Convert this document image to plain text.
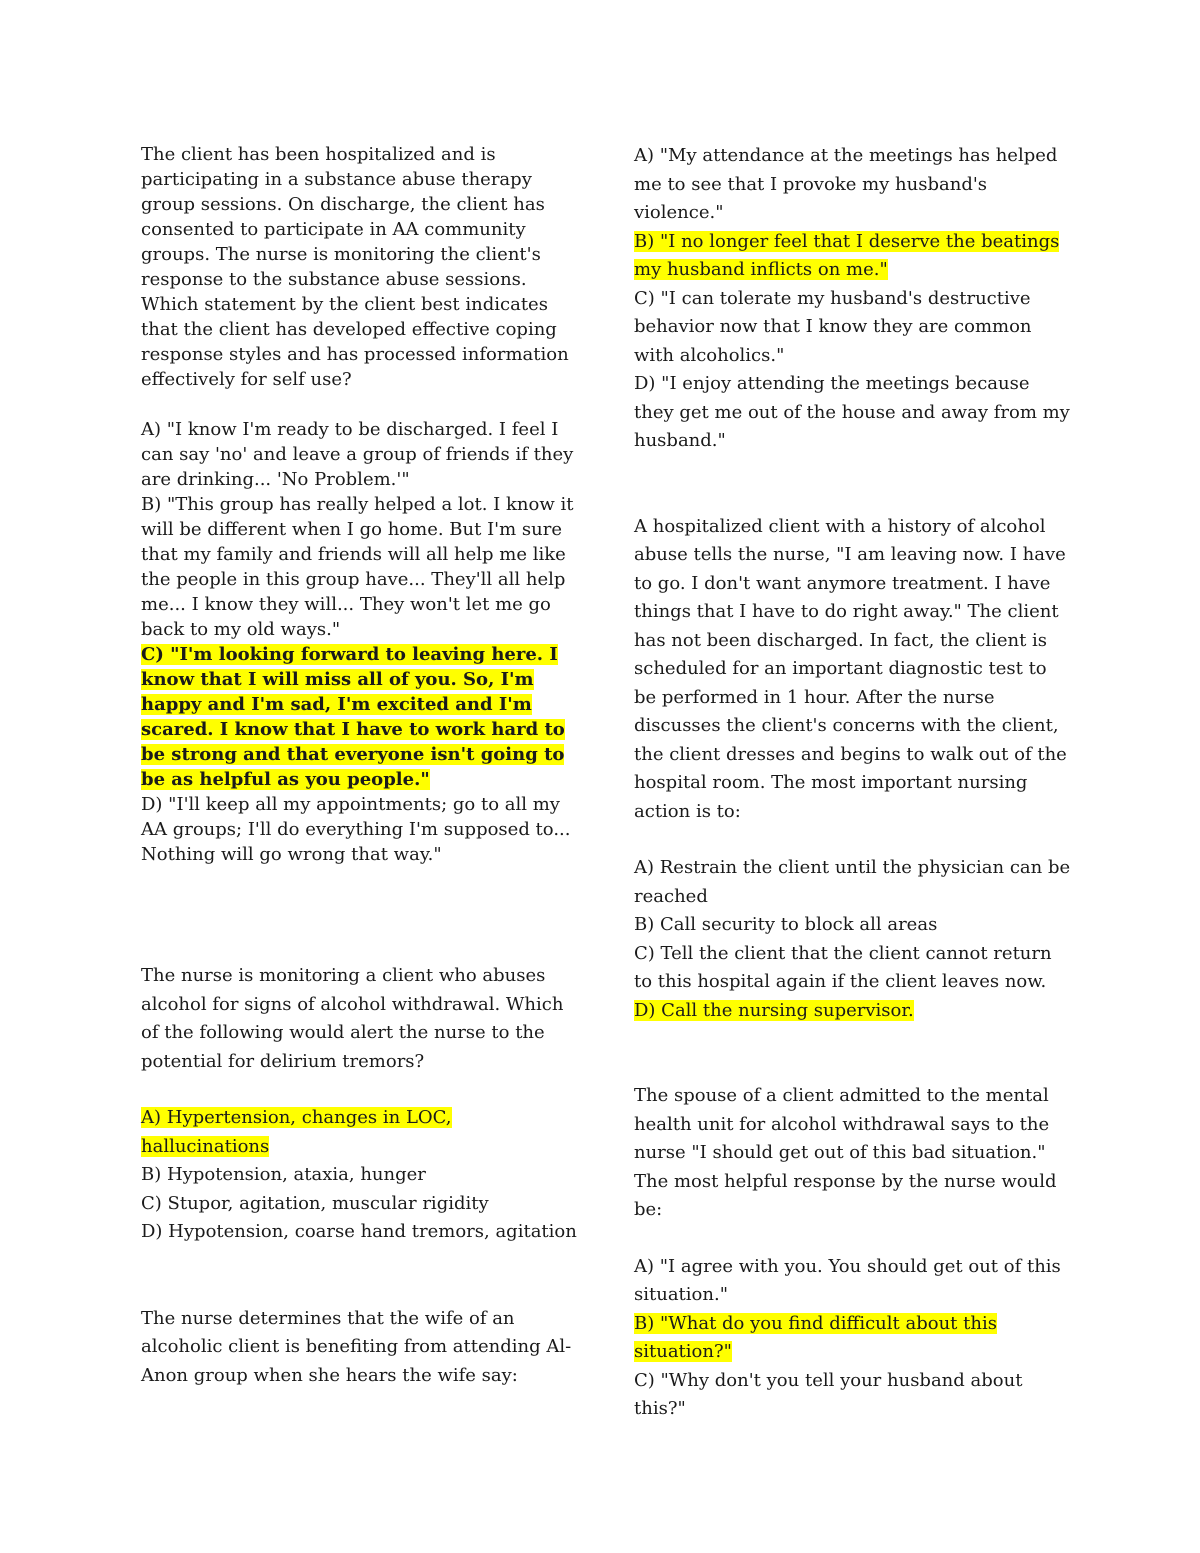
The client has been hospitalized and is participating in a substance abuse therapy group sessions. On discharge, the client has consented to participate in AA community groups. The nurse is monitoring the client's response to the substance abuse sessions. Which statement by the client best indicates that the client has developed effective coping response styles and has processed information effectively for self use?
A) "I know I'm ready to be discharged. I feel I can say 'no' and leave a group of friends if they are drinking... 'No Problem.'"
B) "This group has really helped a lot. I know it will be different when I go home. But I'm sure that my family and friends will all help me like the people in this group have... They'll all help me... I know they will... They won't let me go back to my old ways."
C) "I'm looking forward to leaving here. I know that I will miss all of you. So, I'm happy and I'm sad, I'm excited and I'm scared. I know that I have to work hard to be strong and that everyone isn't going to be as helpful as you people."
D) "I'll keep all my appointments; go to all my AA groups; I'll do everything I'm supposed to... Nothing will go wrong that way."
The nurse is monitoring a client who abuses alcohol for signs of alcohol withdrawal. Which of the following would alert the nurse to the potential for delirium tremors?
A) Hypertension, changes in LOC, hallucinations
B) Hypotension, ataxia, hunger
C) Stupor, agitation, muscular rigidity
D) Hypotension, coarse hand tremors, agitation
The nurse determines that the wife of an alcoholic client is benefiting from attending Al-Anon group when she hears the wife say:
A) "My attendance at the meetings has helped me to see that I provoke my husband's violence."
B) "I no longer feel that I deserve the beatings my husband inflicts on me."
C) "I can tolerate my husband's destructive behavior now that I know they are common with alcoholics."
D) "I enjoy attending the meetings because they get me out of the house and away from my husband."
A hospitalized client with a history of alcohol abuse tells the nurse, "I am leaving now. I have to go. I don't want anymore treatment. I have things that I have to do right away." The client has not been discharged. In fact, the client is scheduled for an important diagnostic test to be performed in 1 hour. After the nurse discusses the client's concerns with the client, the client dresses and begins to walk out of the hospital room. The most important nursing action is to:
A) Restrain the client until the physician can be reached
B) Call security to block all areas
C) Tell the client that the client cannot return to this hospital again if the client leaves now.
D) Call the nursing supervisor.
The spouse of a client admitted to the mental health unit for alcohol withdrawal says to the nurse "I should get out of this bad situation." The most helpful response by the nurse would be:
A) "I agree with you. You should get out of this situation."
B) "What do you find difficult about this situation?"
C) "Why don't you tell your husband about this?"
